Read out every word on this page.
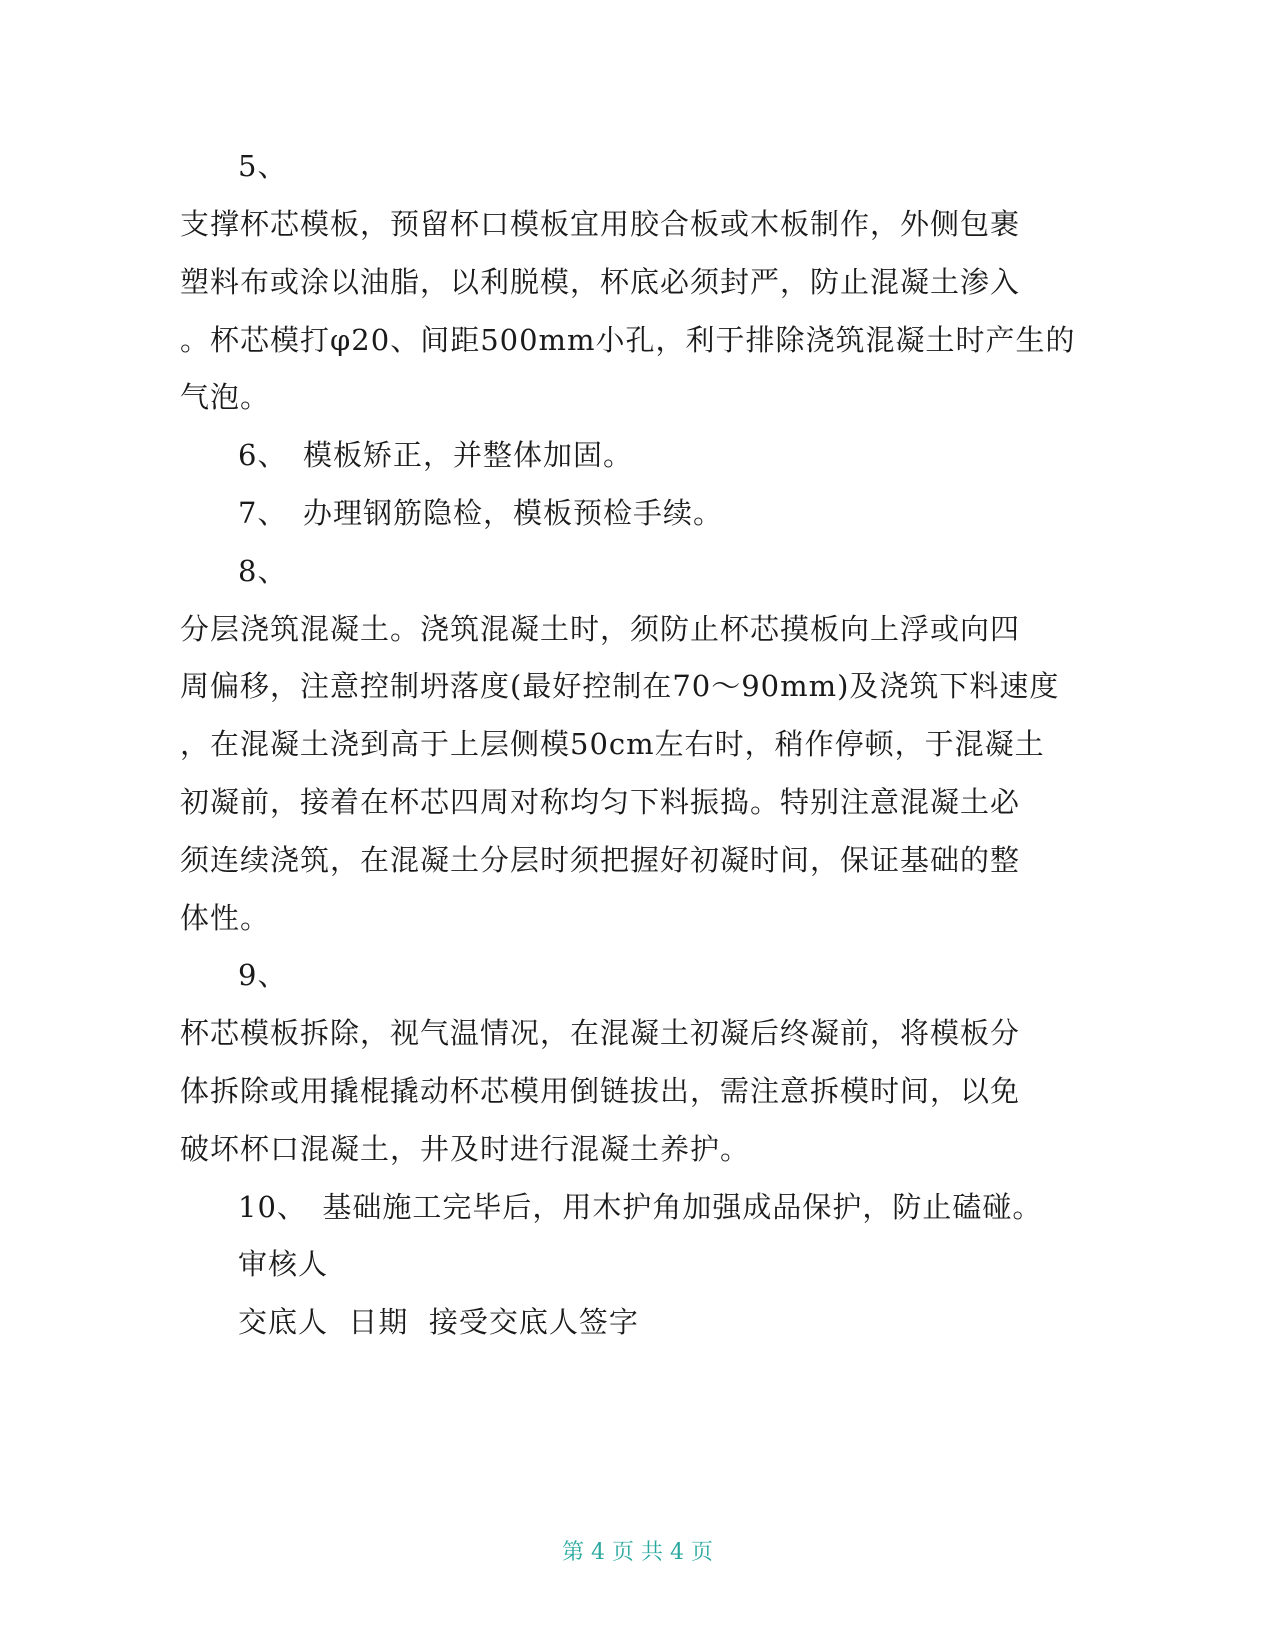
5、
支撑杯芯模板，预留杯口模板宜用胶合板或木板制作，外侧包裹
塑料布或涂以油脂，以利脱模，杯底必须封严，防止混凝土渗入
。杯芯模打φ20、间距500mm小孔，利于排除浇筑混凝土时产生的
气泡。
6、　模板矫正，并整体加固。
7、　办理钢筋隐检，模板预检手续。
8、
分层浇筑混凝土。浇筑混凝土时，须防止杯芯摸板向上浮或向四
周偏移，注意控制坍落度(最好控制在70～90mm)及浇筑下料速度
，在混凝土浇到高于上层侧模50cm左右时，稍作停顿，于混凝土
初凝前，接着在杯芯四周对称均匀下料振捣。特别注意混凝土必
须连续浇筑，在混凝土分层时须把握好初凝时间，保证基础的整
体性。
9、
杯芯模板拆除，视气温情况，在混凝土初凝后终凝前，将模板分
体拆除或用撬棍撬动杯芯模用倒链拔出，需注意拆模时间，以免
破坏杯口混凝土，井及时进行混凝土养护。
10、　基础施工完毕后，用木护角加强成品保护，防止磕碰。
审核人
交底人  日期  接受交底人签字
第 4 页 共 4 页
